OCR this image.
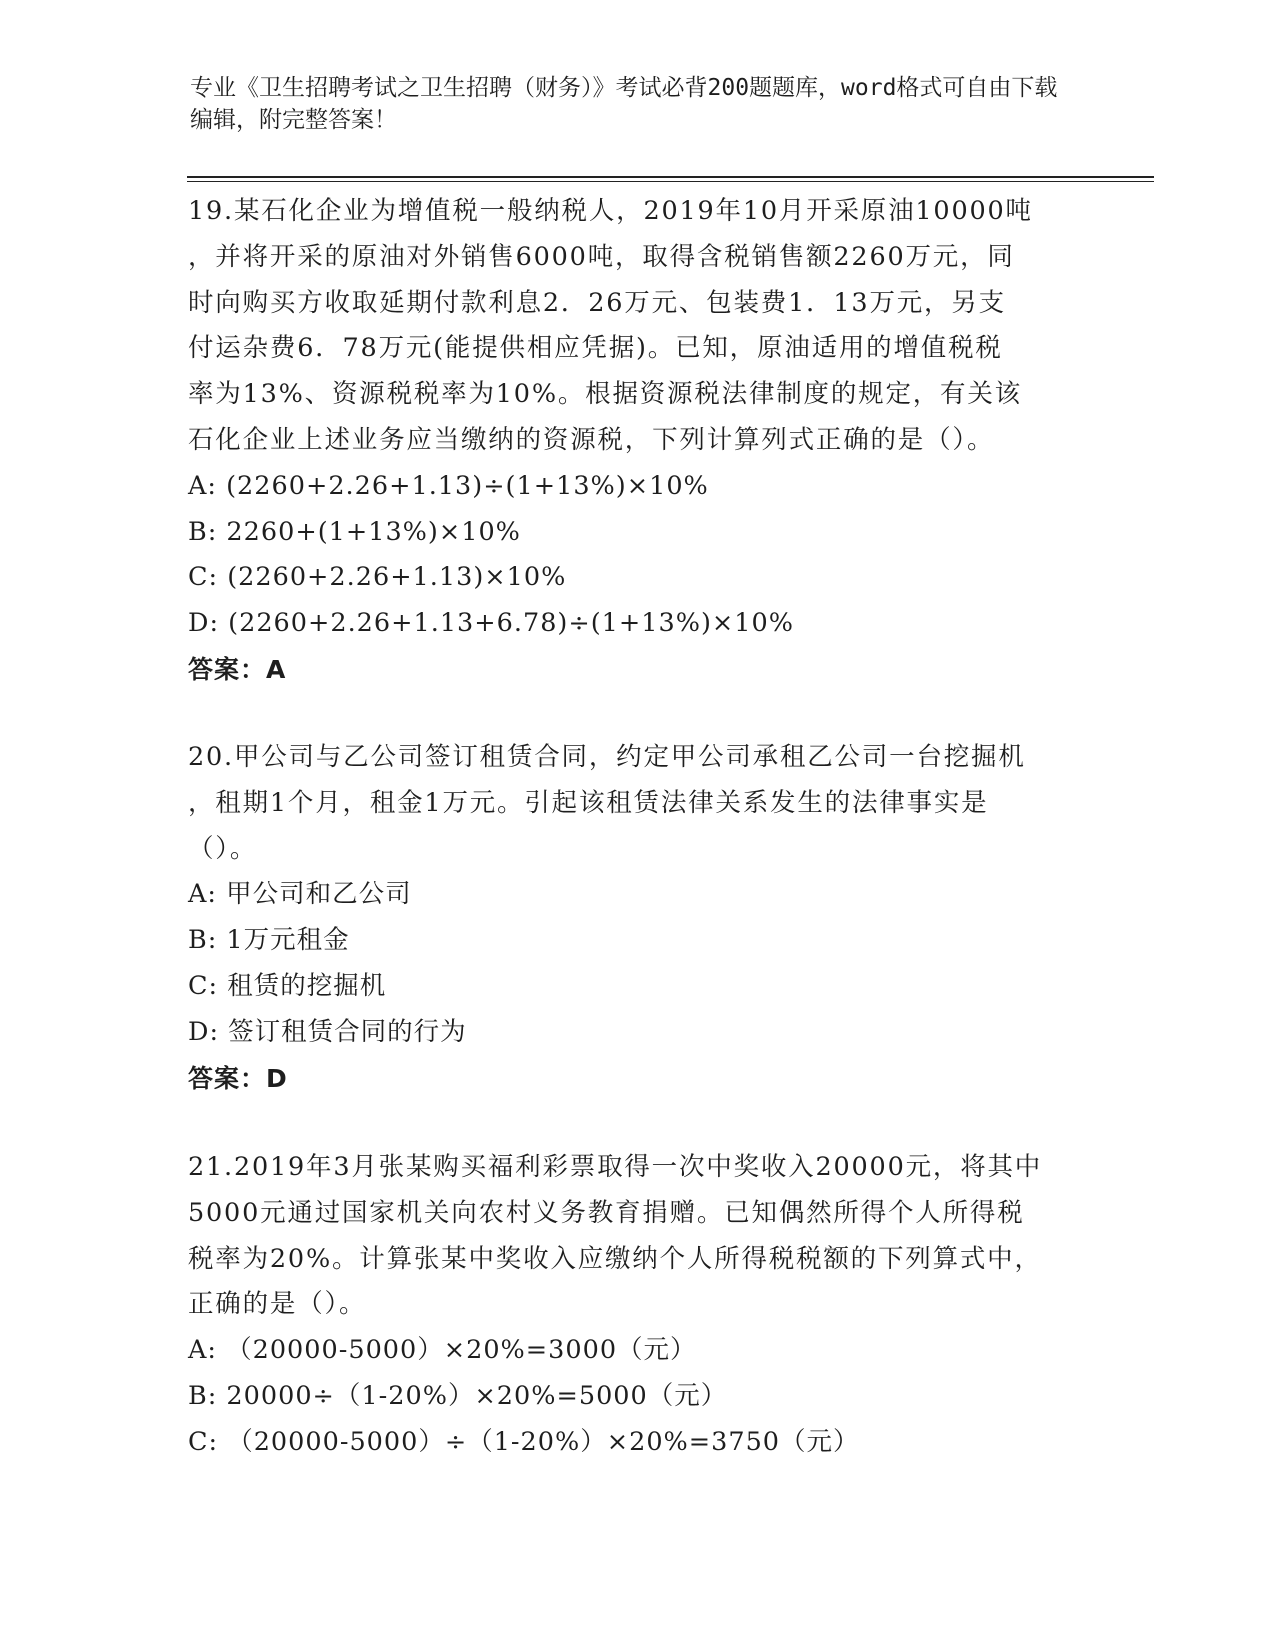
专业《卫生招聘考试之卫生招聘（财务）》考试必背200题题库，word格式可自由下载编辑，附完整答案！
19.某石化企业为增值税一般纳税人，2019年10月开采原油10000吨
，并将开采的原油对外销售6000吨，取得含税销售额2260万元，同
时向购买方收取延期付款利息2．26万元、包装费1．13万元，另支
付运杂费6．78万元(能提供相应凭据)。已知，原油适用的增值税税
率为13%、资源税税率为10%。根据资源税法律制度的规定，有关该
石化企业上述业务应当缴纳的资源税，下列计算列式正确的是（）。
A: (2260+2.26+1.13)÷(1+13%)×10%
B: 2260+(1+13%)×10%
C: (2260+2.26+1.13)×10%
D: (2260+2.26+1.13+6.78)÷(1+13%)×10%
答案：A
20.甲公司与乙公司签订租赁合同，约定甲公司承租乙公司一台挖掘机
，租期1个月，租金1万元。引起该租赁法律关系发生的法律事实是
（）。
A: 甲公司和乙公司
B: 1万元租金
C: 租赁的挖掘机
D: 签订租赁合同的行为
答案：D
21.2019年3月张某购买福利彩票取得一次中奖收入20000元，将其中
5000元通过国家机关向农村义务教育捐赠。已知偶然所得个人所得税
税率为20%。计算张某中奖收入应缴纳个人所得税税额的下列算式中，
正确的是（）。
A: （20000-5000）×20%=3000（元）
B: 20000÷（1-20%）×20%=5000（元）
C: （20000-5000）÷（1-20%）×20%=3750（元）
